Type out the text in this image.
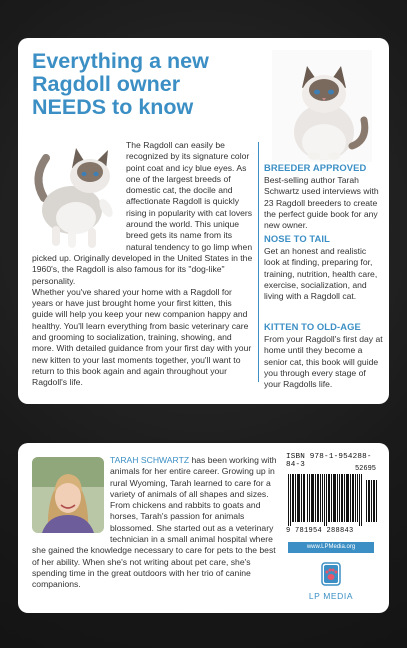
Everything a new Ragdoll owner NEEDS to know

The Ragdoll can easily be recognized by its signature color point coat and icy blue eyes. As one of the largest breeds of domestic cat, the docile and affectionate Ragdoll is quickly rising in popularity with cat lovers around the world. This unique breed gets its name from its natural tendency to go limp when picked up. Originally developed in the United States in the 1960's, the Ragdoll is also famous for its "dog-like" personality.

Whether you've shared your home with a Ragdoll for years or have just brought home your first kitten, this guide will help you keep your new companion happy and healthy. You'll learn everything from basic veterinary care and grooming to socialization, training, showing, and more. With detailed guidance from your first day with your new kitten to your last moments together, you'll want to return to this book again and again throughout your Ragdoll's life.

BREEDER APPROVED

Best-selling author Tarah Schwartz used interviews with 23 Ragdoll breeders to create the perfect guide book for any new owner.

NOSE TO TAIL

Get an honest and realistic look at finding, preparing for, training, nutrition, health care, exercise, socialization, and living with a Ragdoll cat.

KITTEN TO OLD-AGE

From your Ragdoll's first day at home until they become a senior cat, this book will guide you through every stage of your Ragdolls life.

TARAH SCHWARTZ has been working with animals for her entire career. Growing up in rural Wyoming, Tarah learned to care for a variety of animals of all shapes and sizes. From chickens and rabbits to goats and horses, Tarah's passion for animals blossomed. She started out as a veterinary technician in a small animal hospital where she gained the knowledge necessary to care for pets to the best of her ability. When she's not writing about pet care, she's spending time in the great outdoors with her trio of canine companions.

ISBN 978-1-954288-84-3	52695
9 781954 288843
www.LPMedia.org
LP MEDIA
